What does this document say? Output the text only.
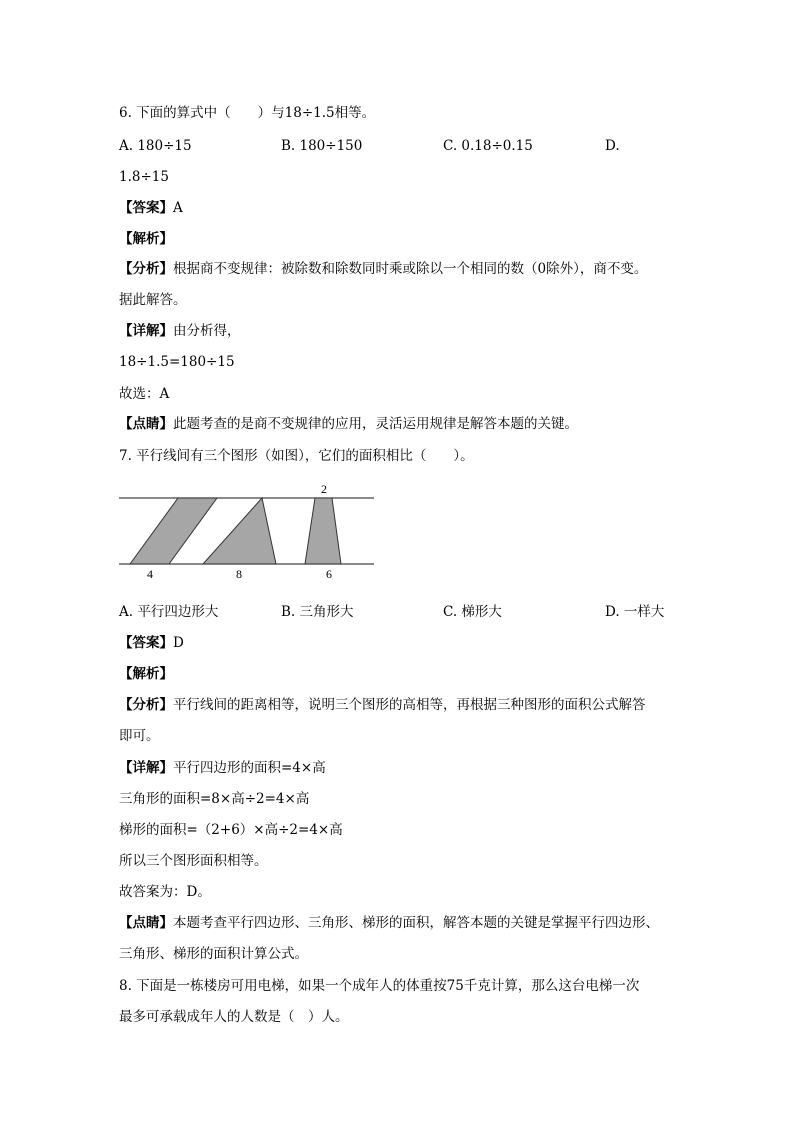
6. 下面的算式中（　　）与18÷1.5相等。
A. 180÷15	B. 180÷150	C. 0.18÷0.15	D.
1.8÷15
【答案】A
【解析】
【分析】根据商不变规律：被除数和除数同时乘或除以一个相同的数（0除外），商不变。
据此解答。
【详解】由分析得，
18÷1.5=180÷15
故选：A
【点睛】此题考查的是商不变规律的应用，灵活运用规律是解答本题的关键。
7. 平行线间有三个图形（如图），它们的面积相比（　　）。
4	8
2
6
A. 平行四边形大	B. 三角形大	C. 梯形大	D. 一样大
【答案】D
【解析】
【分析】平行线间的距离相等，说明三个图形的高相等，再根据三种图形的面积公式解答
即可。
【详解】平行四边形的面积=4×高
三角形的面积=8×高÷2=4×高
梯形的面积=（2+6）×高÷2=4×高
所以三个图形面积相等。
故答案为：D。
【点睛】本题考查平行四边形、三角形、梯形的面积，解答本题的关键是掌握平行四边形、
三角形、梯形的面积计算公式。
8. 下面是一栋楼房可用电梯，如果一个成年人的体重按75千克计算，那么这台电梯一次
最多可承载成年人的人数是（　）人。
